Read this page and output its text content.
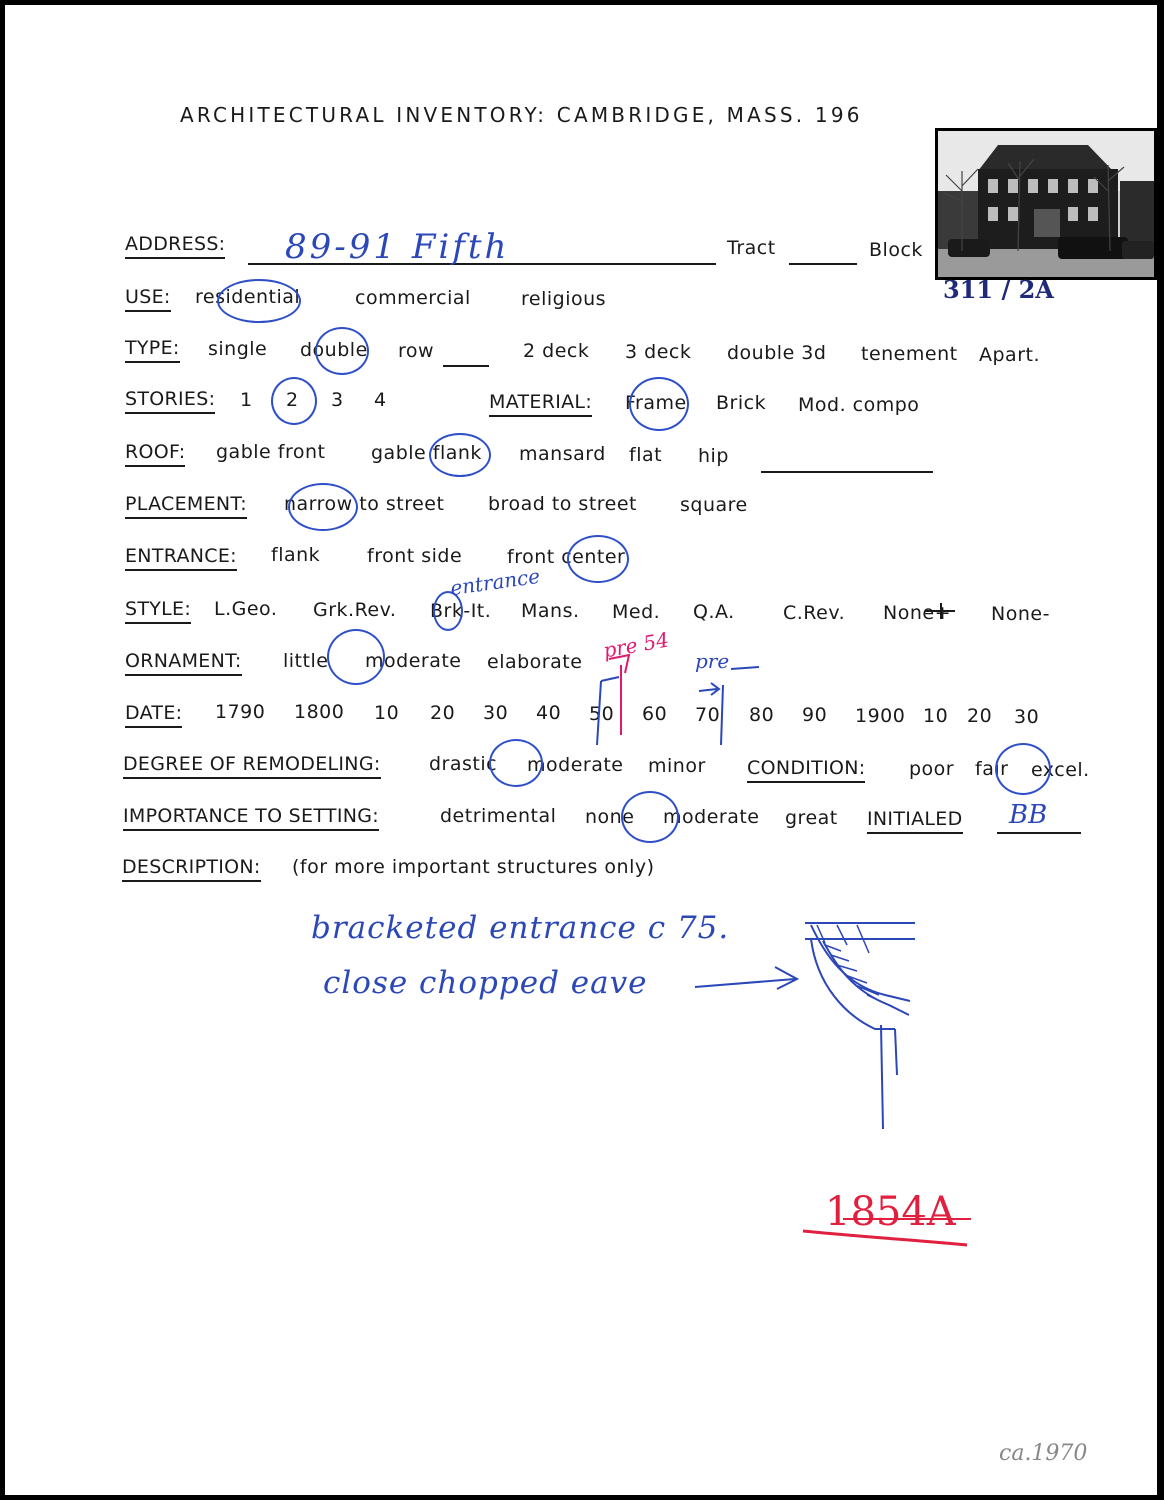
ARCHITECTURAL INVENTORY: CAMBRIDGE, MASS. 196
ADDRESS: 89-91 Fifth	Tract	Block
311 / 2A
USE: residential	commercial	religious
TYPE: single double row	2 deck 3 deck double 3d tenement Apart.
STORIES: 1 2 3 4	MATERIAL: Frame Brick Mod. compo
ROOF: gable front gable flank mansard flat hip
PLACEMENT: narrow to street broad to street square
ENTRANCE: flank front side front center
STYLE: L.Geo. Grk.Rev. Brk-It. Mans. Med. Q.A.	C.Rev. None+ None-
entrance
ORNAMENT: little moderate elaborate pre 54 pre
DATE: 1790 1800 10 20 30 40 50 60 70 80 90 1900 10 20 30
DEGREE OF REMODELING:	drastic moderate minor CONDITION: poor fair excel.
IMPORTANCE TO SETTING:	detrimental none moderate great INITIALED BB
DESCRIPTION: (for more important structures only)
bracketed entrance c 75.
close chopped eave
1854A
ca.1970
